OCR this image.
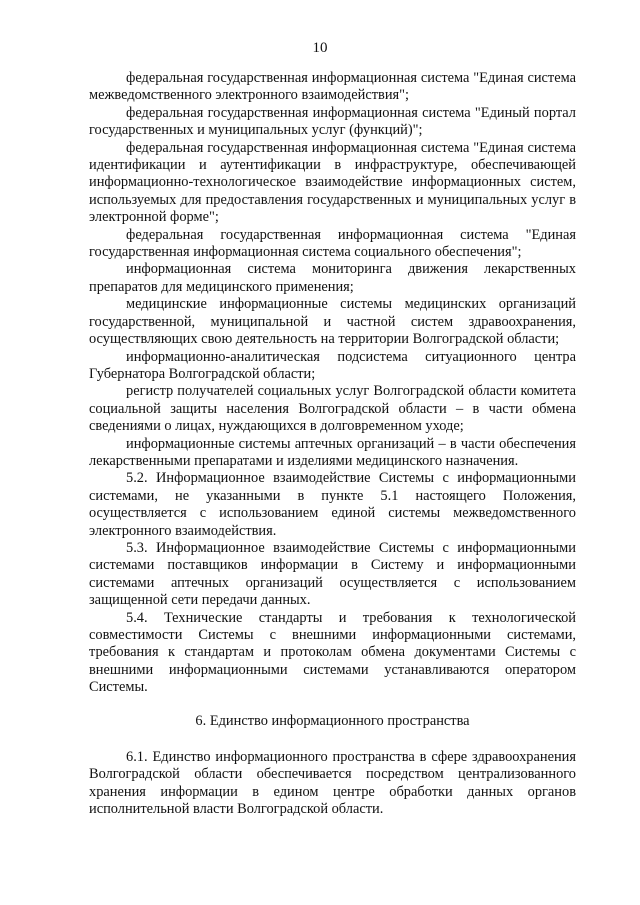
10

федеральная государственная информационная система "Единая система межведомственного электронного взаимодействия";

федеральная государственная информационная система "Единый портал государственных и муниципальных услуг (функций)";

федеральная государственная информационная система "Единая система идентификации и аутентификации в инфраструктуре, обеспечивающей информационно-технологическое взаимодействие информационных систем, используемых для предоставления государственных и муниципальных услуг в электронной форме";

федеральная государственная информационная система "Единая государственная информационная система социального обеспечения";

информационная система мониторинга движения лекарственных препаратов для медицинского применения;

медицинские информационные системы медицинских организаций государственной, муниципальной и частной систем здравоохранения, осуществляющих свою деятельность на территории Волгоградской области;

информационно-аналитическая подсистема ситуационного центра Губернатора Волгоградской области;

регистр получателей социальных услуг Волгоградской области комитета социальной защиты населения Волгоградской области – в части обмена сведениями о лицах, нуждающихся в долговременном уходе;

информационные системы аптечных организаций – в части обеспечения лекарственными препаратами и изделиями медицинского назначения.

5.2. Информационное взаимодействие Системы с информационными системами, не указанными в пункте 5.1 настоящего Положения, осуществляется с использованием единой системы межведомственного электронного взаимодействия.

5.3. Информационное взаимодействие Системы с информационными системами поставщиков информации в Систему и информационными системами аптечных организаций осуществляется с использованием защищенной сети передачи данных.

5.4. Технические стандарты и требования к технологической совместимости Системы с внешними информационными системами, требования к стандартам и протоколам обмена документами Системы с внешними информационными системами устанавливаются оператором Системы.

6. Единство информационного пространства

6.1. Единство информационного пространства в сфере здравоохранения Волгоградской области обеспечивается посредством централизованного хранения информации в едином центре обработки данных органов исполнительной власти Волгоградской области.
